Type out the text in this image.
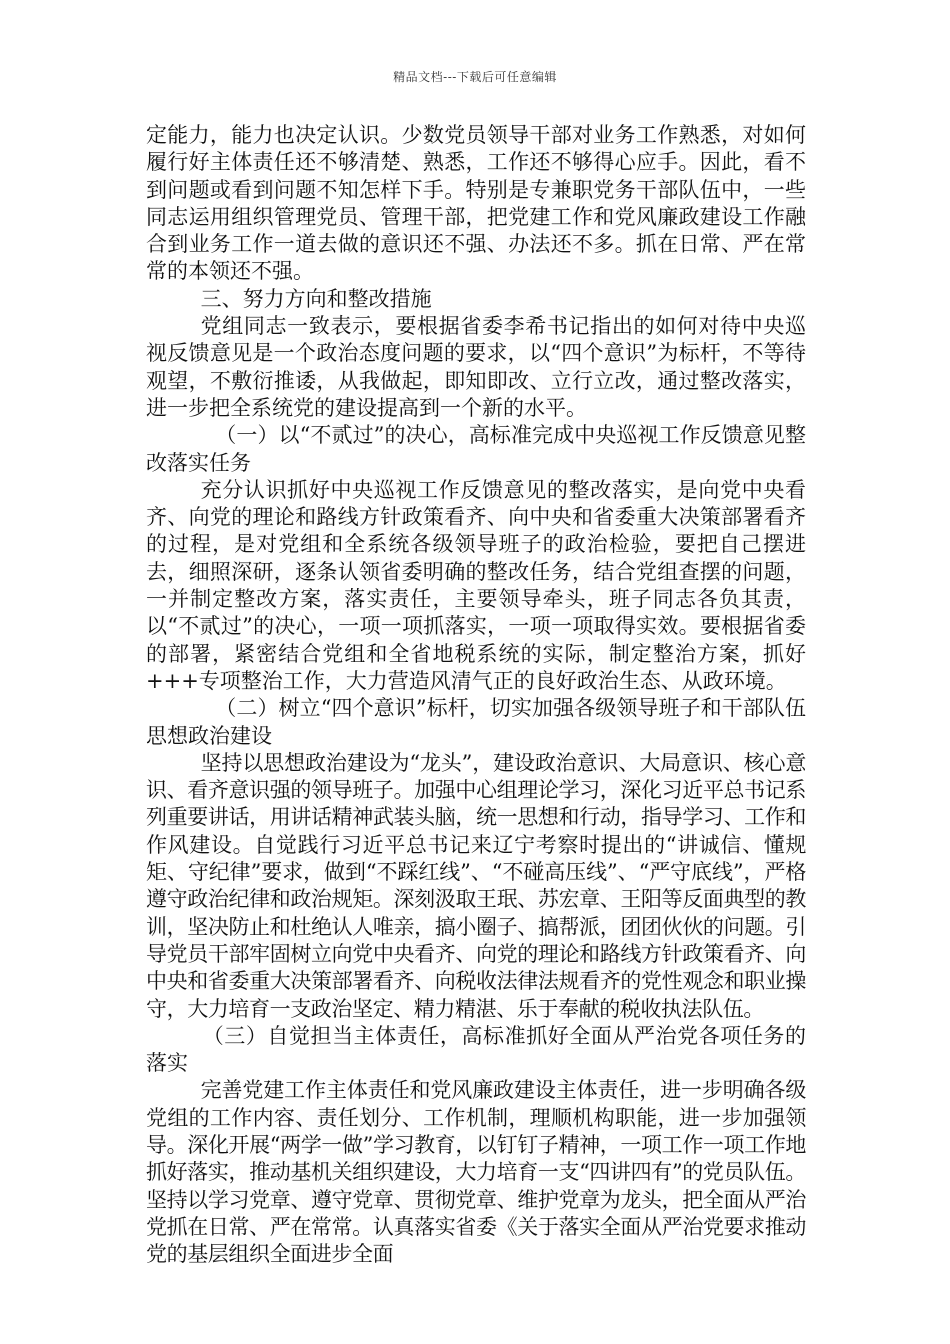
精品文档---下载后可任意编辑

定能力，能力也决定认识。少数党员领导干部对业务工作熟悉，对如何履行好主体责任还不够清楚、熟悉，工作还不够得心应手。因此，看不到问题或看到问题不知怎样下手。特别是专兼职党务干部队伍中，一些同志运用组织管理党员、管理干部，把党建工作和党风廉政建设工作融合到业务工作一道去做的意识还不强、办法还不多。抓在日常、严在常常的本领还不强。

三、努力方向和整改措施

党组同志一致表示，要根据省委李希书记指出的如何对待中央巡视反馈意见是一个政治态度问题的要求，以“四个意识”为标杆，不等待观望，不敷衍推诿，从我做起，即知即改、立行立改，通过整改落实，进一步把全系统党的建设提高到一个新的水平。

（一）以“不贰过”的决心，高标准完成中央巡视工作反馈意见整改落实任务

充分认识抓好中央巡视工作反馈意见的整改落实，是向党中央看齐、向党的理论和路线方针政策看齐、向中央和省委重大决策部署看齐的过程，是对党组和全系统各级领导班子的政治检验，要把自己摆进去，细照深研，逐条认领省委明确的整改任务，结合党组查摆的问题，一并制定整改方案，落实责任，主要领导牵头，班子同志各负其责，以“不贰过”的决心，一项一项抓落实，一项一项取得实效。要根据省委的部署，紧密结合党组和全省地税系统的实际，制定整治方案，抓好+++专项整治工作，大力营造风清气正的良好政治生态、从政环境。

（二）树立“四个意识”标杆，切实加强各级领导班子和干部队伍思想政治建设

坚持以思想政治建设为“龙头”，建设政治意识、大局意识、核心意识、看齐意识强的领导班子。加强中心组理论学习，深化习近平总书记系列重要讲话，用讲话精神武装头脑，统一思想和行动，指导学习、工作和作风建设。自觉践行习近平总书记来辽宁考察时提出的“讲诚信、懂规矩、守纪律”要求，做到“不踩红线”、“不碰高压线”、“严守底线”，严格遵守政治纪律和政治规矩。深刻汲取王珉、苏宏章、王阳等反面典型的教训，坚决防止和杜绝认人唯亲，搞小圈子、搞帮派，团团伙伙的问题。引导党员干部牢固树立向党中央看齐、向党的理论和路线方针政策看齐、向中央和省委重大决策部署看齐、向税收法律法规看齐的党性观念和职业操守，大力培育一支政治坚定、精力精湛、乐于奉献的税收执法队伍。

（三）自觉担当主体责任，高标准抓好全面从严治党各项任务的落实

完善党建工作主体责任和党风廉政建设主体责任，进一步明确各级党组的工作内容、责任划分、工作机制，理顺机构职能，进一步加强领导。深化开展“两学一做”学习教育，以钉钉子精神，一项工作一项工作地抓好落实，推动基机关组织建设，大力培育一支“四讲四有”的党员队伍。坚持以学习党章、遵守党章、贯彻党章、维护党章为龙头，把全面从严治党抓在日常、严在常常。认真落实省委《关于落实全面从严治党要求推动党的基层组织全面进步全面
